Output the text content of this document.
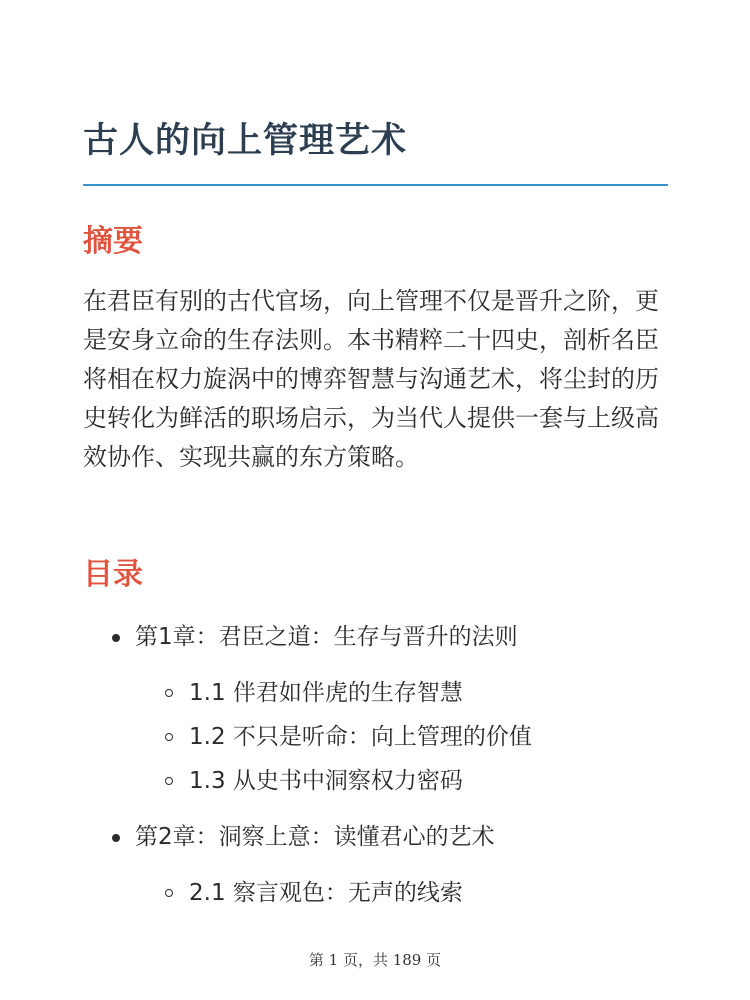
古人的向上管理艺术
摘要

在君臣有别的古代官场，向上管理不仅是晋升之阶，更是安身立命的生存法则。本书精粹二十四史，剖析名臣将相在权力旋涡中的博弈智慧与沟通艺术，将尘封的历史转化为鲜活的职场启示，为当代人提供一套与上级高效协作、实现共赢的东方策略。

目录
第1章：君臣之道：生存与晋升的法则
1.1 伴君如伴虎的生存智慧
1.2 不只是听命：向上管理的价值
1.3 从史书中洞察权力密码
第2章：洞察上意：读懂君心的艺术
2.1 察言观色：无声的线索
第 1 页，共 189 页
